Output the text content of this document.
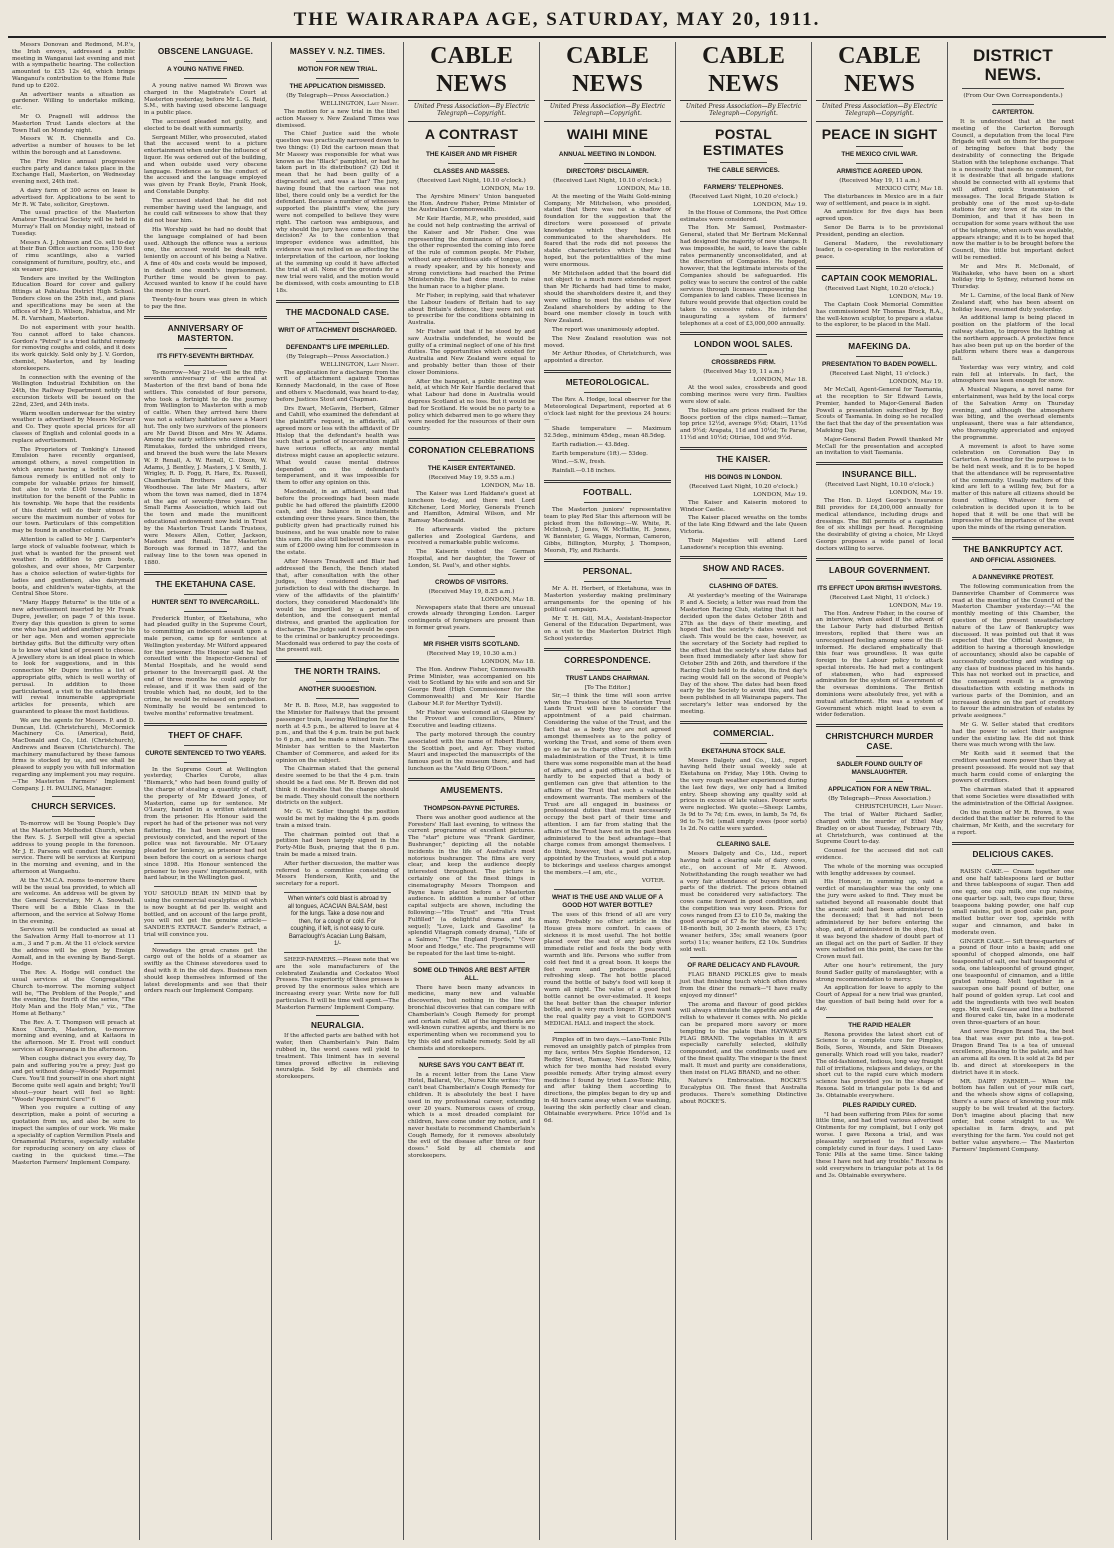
THE WAIRARAPA AGE, SATURDAY, MAY 20, 1911.

Messrs Donovan and Redmond, M.P.'s, the Irish envoys, addressed a public meeting in Wanganui last evening and met with a sympathetic hearing. The collection amounted to £35 12s 4d, which brings Wanganui's contribution to the Home Rule fund up to £202.

An advertiser wants a situation as gardener. Willing to undertake milking, etc.

Mr O. Pragnell will address the Masterton Trust Lands electors at the Town Hall on Monday night.

Messrs W. R. Chennells and Co. advertise a number of houses to be let within the borough and at Lansdowne.

The Fire Police annual progressive euchre party and dance takes place in the Exchange Hall, Masterton, on Wednesday evening next, 24th inst.

A dairy farm of 300 acres on lease is advertised for. Applications to be sent to Mr R. W. Tate, solicitor, Greytown.

The usual practice of the Masterton Amateur Theatrical Society will be held in Murray's Hall on Monday night, instead of Tuesday.

Messrs A. J. Johnson and Co. sell to-day at their Bun Office auction rooms, 150 feet of rimu scantlings, also a varied consignment of furniture, poultry, etc., and six weaner pigs.

Tenders are invited by the Wellington Education Board for cover and gallery fittings at Pahiatua District High School. Tenders close on the 25th inst., and plans and specifications may be seen at the offices of Mr J. D. Wilson, Pahiatua, and Mr M. R. Varnham, Masterton.

Do not experiment with your health. You cannot afford to take chances. Gordon's "Petrol" is a tried faithful remedy for removing coughs and colds, and it does its work quickly. Sold only by J. V. Gordon, chemist, Masterton, and by leading storekeepers.

In connection with the evening of the Wellington Industrial Exhibition on the 24th, the Railway Department notify that excursion tickets will be issued on the 22nd, 23rd, and 24th insts.

Warm woollen underwear for the wintry weather is advertised by Messrs McGruer and Co. They quote special prices for all classes of English and colonial goods in a replace advertisement.

The Proprietors of Tonking's Linseed Emulsion have recently organised, amongst others, a novel competition in which anyone having a bottle of their famous remedy is entitled not only to compete for valuable prizes for himself, but also to vote £100 towards some institution for the benefit of the Public in his township. We hope that the residents of this district will do their utmost to secure the maximum number of votes for our town. Particulars of this competition may be found in another column.

Attention is called to Mr J. Carpenter's large stock of valuable footwear, which is just what is wanted for the present wet weather. In addition to gum boots, goloshes, and over shoes, Mr Carpenter has a choice selection of water-tights for ladies and gentlemen, also dairymaid boots, and children's water-tights, at the Central Shoe Store.

"Many Happy Returns" is the title of a new advertisement inserted by Mr Frank Dupre, jeweller, on page 7 of this issue. Every day this question is given to some one who has just added another year to his or her age. Men and women appreciate birthday gifts. But the difficulty very often is to know what kind of present to choose. A jewellery store is an ideal place in which to look for suggestions, and in this connection Mr Dupre invites a list of appropriate gifts, which is well worthy of perusal. In addition to those particularised, a visit to the establishment will reveal innumerable appropriate articles for presents, which are guaranteed to please the most fastidious.

We are the agents for Messrs. P. and D. Duncan, Ltd. (Christchurch), McCormick Machinery Co. (America), Reid, MacDonald and Co., Ltd. (Christchurch), Andrews and Beaven (Christchurch). The machinery manufactured by these famous firms is stocked by us, and we shall be pleased to supply you with full information regarding any implement you may require.—The Masterton Farmers' Implement Company. J. H. PAULING, Manager.

CHURCH SERVICES.

To-morrow will be Young People's Day at the Masterton Methodist Church, when the Rev. S. J. Serpell will give a special address to young people in the forenoon. Mr J. E. Parsons will conduct the evening service. There will be services at Kuripuni in the morning and evening, and in the afternoon at Wangaehu.

At the Y.M.C.A. rooms to-morrow there will be the usual tea provided, to which all are welcome. An address will be given by the General Secretary, Mr A. Snowball. There will be a Bible Class in the afternoon, and the service at Solway Home in the evening.

Services will be conducted as usual at the Salvation Army Hall to-morrow at 11 a.m., 3 and 7 p.m. At the 11 o'clock service the address will be given by Ensign Aomall, and in the evening by Band-Sergt. Hodge.

The Rev. A. Hodge will conduct the usual services at the Congregational Church to-morrow. The morning subject will be, "The Problem of the People," and the evening, the fourth of the series, "The Holy Man and the Holy Man," viz., "The Home at Bethany."

The Rev. A. T. Thompson will preach at Knox Church, Masterton, to-morrow morning and evening, and at Kaitaora in the afternoon. Mr E. Frost will conduct services at Kopuaranga in the afternoon.

When coughs distract you every day, To pain and suffering you're a prey; Just go and get without delay—Woods' Peppermint Cure. You'll find yourself in one short night Become quite well again and bright; You'll shout—your heart will feel so light: "Woods' Peppermint Cure!" 6

When you require a cutting of any description, make a point of securing a quotation from us, and also be sure to inspect the samples of our work. We make a speciality of caption Vermilion Pixels and Ornamental Pictures, especially suitable for reproducing scenery on any class of casting in the quickest time.—The Masterton Farmers' Implement Company.

OBSCENE LANGUAGE.
A YOUNG NATIVE FINED.

A young native named Wi Brown was charged in the Magistrate's Court at Masterton yesterday, before Mr L. G. Reid, S.M., with having used obscene language in a public place.

The accused pleaded not guilty, and elected to be dealt with summarily.

Sergeant Miller, who prosecuted, stated that the accused went to a picture entertainment when under the influence of liquor. He was ordered out of the building, and when outside used very obscene language. Evidence as to the conduct of the accused and the language employed was given by Frank Boyle, Frank Hook, and Constable Dunphy.

The accused stated that he did not remember having used the language, and he could call witnesses to show that they did not hear him.

His Worship said he had no doubt that the language complained of had been used. Although the offence was a serious one, the accused would be dealt with leniently on account of his being a Native. A fine of 40s and costs would be imposed, in default one month's imprisonment. Further time would be given to pay. Accused wanted to know if he could have the money in the court.

Twenty-four hours was given in which to pay the fine.

ANNIVERSARY OF MASTERTON.
ITS FIFTY-SEVENTH BIRTHDAY.

To-morrow—May 21st—will be the fifty-seventh anniversary of the arrival at Masterton of the first band of bona fide settlers. This consisted of four persons, who took a fortnight to do the journey from Wellington to Masterton with a mob of cattle. When they arrived here there was not a solitary habitation save a Maori hut. The only two survivors of the pioneers are Mr David Dixon and Mrs W. Adams. Among the early settlers who climbed the Rimutakas, forded the unbridged rivers, and braved the bush were the late Messrs W. P. Renall, A. W. Renall, C. Dixon, W. Adams, J. Bentley, J. Masters, J. V. Smith, J. Wrigley, R. D. Fogg, R. Hare, Ex. Russell, Chamberlain Brothers and G. W. Woodhouse. The late Mr Masters, after whom the town was named, died in 1874 at the age of seventy-three years. The Small Farms Association, which laid out the town and made the munificent educational endowment now held in Trust by the Masterton Trust Lands Trustees, were Messrs Allen, Cotter, Jackson, Masters and Renall. The Masterton Borough was formed in 1877, and the railway line to the town was opened in 1880.

THE EKETAHUNA CASE.
HUNTER SENT TO INVERCARGILL.

Frederick Hunter, of Eketahuna, who had pleaded guilty in the Supreme Court, to committing an indecent assault upon a male person, came up for sentence at Wellington yesterday. Mr Wilford appeared for the prisoner. His Honour said he had consulted with the Inspector-General of Mental Hospitals, and he would send prisoner to the Invercargill gaol. At the end of three months he could apply for release, and if it was then said of the trouble which had, no doubt, led to the crime, he would be released on probation. Nominally he would be sentenced to twelve months' reformative treatment.

THEFT OF CHAFF.
CUROTE SENTENCED TO TWO YEARS.

In the Supreme Court at Wellington yesterday, Charles Curote, alias "Bismarck," who had been found guilty of the charge of stealing a quantity of chaff, the property of Mr Edward Jones, of Masterton, came up for sentence. Mr O'Leary, handed in a written statement from the prisoner. His Honour said the report he had of the prisoner was not very flattering. He had been several times previously convicted, and the report of the police was not favourable. Mr O'Leary pleaded for leniency, as prisoner had not been before the court on a serious charge since 1898. His Honour sentenced the prisoner to two years' imprisonment, with hard labour, in the Wellington gaol.

YOU SHOULD BEAR IN MIND that by using the commercial eucalyptus oil which is now bought at 6d per lb. weight and bottled, and on account of the large profit, you will not get the genuine article—SANDER'S EXTRACT. Sander's Extract, a trial will convince you.

Nowadays the great cranes get the cargo out of the holds of a steamer as swiftly as the Chinese stevedores used to deal with it in the old days. Business men should keep themselves informed of the latest developments and see that their orders reach our Implement Company.

MASSEY V. N.Z. TIMES.
MOTION FOR NEW TRIAL.
THE APPLICATION DISMISSED.
(By Telegraph—Press Association.)
WELLINGTON, Last Night.

The motion for a new trial in the libel action Massey v. New Zealand Times was dismissed.

The Chief Justice said the whole question was practically narrowed down to two things: (1) Did the cartoon mean that Mr Massey was responsible for what was known as the "Black" pamphlet, or had he taken part in its distribution? (2) Did it mean that he had been guilty of a disgraceful act, and was a liar? The jury, having found that the cartoon was not libel, there could only be a verdict for the defendant. Because a number of witnesses supported the plaintiff's view, the jury were not compelled to believe they were right. The cartoon was ambiguous, and why should the jury have come to a wrong decision? As to the contention that improper evidence was admitted, his evidence was not relied on as affecting the interpretation of the cartoon, nor looking at the summing up could it have affected the trial at all. None of the grounds for a new trial were valid, and the motion would be dismissed, with costs amounting to £18 18s.

THE MACDONALD CASE.
WRIT OF ATTACHMENT DISCHARGED.
DEFENDANT'S LIFE IMPERILLED.
(By Telegraph—Press Association.)
WELLINGTON, Last Night.

The application for a discharge from the writ of attachment against Thomas Kennedy Macdonald, in the case of Rose and others v. Macdonald, was heard to-day, before Justices Stout and Chapman.

Drs Ewart, McGavin, Herbert, Gilmer and Cahill, who examined the defendant at the plaintiff's request, in affidavits, all agreed more or less with the affidavit of Dr Hislop that the defendant's health was such that a period of incarceration might have serious effects, as any mental distress might cause an apoplectic seizure. What would cause mental distress depended on the defendant's temperament, and it was impossible for them to offer any opinion on this.

Macdonald, in an affidavit, said that before the proceedings had been made public he had offered the plaintiffs £2000 cash, and the balance in instalments extending over three years. Since then, the publicity given had practically ruined his business, and he was unable now to raise this sum. He also still believed there was a sum of £2000 owing him for commission in the estate.

After Messrs Treadwell and Blair had addressed the Bench, the Bench stated that, after consultation with the other judges, they considered they had jurisdiction to deal with the discharge. In view of the affidavits of the plaintiffs' doctors, they considered Macdonald's life would be imperilled by a period of detention, and the consequent mental distress, and granted the application for discharge. The judge said it would be open to the criminal or bankruptcy proceedings. Macdonald was ordered to pay the costs of the present suit.

THE NORTH TRAINS.
ANOTHER SUGGESTION.

Mr R. B. Ross, M.P., has suggested to the Minister for Railways that the present passenger train, leaving Wellington for the north at 4.5 p.m., be altered to leave at 4 p.m., and that the 4 p.m. train be put back to 6 p.m., and be made a mixed train. The Minister has written to the Masterton Chamber of Commerce, and asked for its opinion on the subject.

The Chairman stated that the general desire seemed to be that the 4 p.m. train should be a fast one. Mr R. Brown did not think it desirable that the change should be made. They should consult the northern districts on the subject.

Mr G. W. Seller thought the position would be met by making the 4 p.m. goods train a mixed train.

The chairman pointed out that a petition had been largely signed in the Forty-Mile Bush, praying that the 6 p.m. train be made a mixed train.

After further discussion, the matter was referred to a committee consisting of Messrs Henderson, Keith, and the secretary for a report.

When winter's cold blast is abroad try all tongues, ACACIAN BALSAM, best for the lungs. Take a dose now and then, for a cough or cold. For coughing, if left, is not easy to cure. Barraclough's Acacian Lung Balsam, 1/-

SHEEP-FARMERS.—Please note that we are the sole manufacturers of the celebrated Zealandia and Cockatoo Wool Presses. The superiority of these presses is proved by the enormous sales which are increasing every year. Write now for full particulars. It will be time well spent.—The Masterton Farmers' Implement Company.

NEURALGIA.

If the affected parts are bathed with hot water, then Chamberlain's Pain Balm rubbed in, the worst cases will yield to treatment. This liniment has in several times proved effective in relieving neuralgia. Sold by all chemists and storekeepers.

CABLE NEWS
United Press Association—By Electric Telegraph—Copyright.
A CONTRAST
THE KAISER AND MR FISHER
CLASSES AND MASSES.
(Received Last Night, 10.10 o'clock.)
LONDON, May 19.

The Ayrshire Miners' Union banqueted the Hon. Andrew Fisher, Prime Minister of the Australian Commonwealth.

Mr Keir Hardie, M.P., who presided, said he could not help contrasting the arrival of the Kaiser and Mr Fisher. One was representing the dominance of class, and the other represented the coming into force of the rule of common people. Mr Fisher, without any adventitious aids of tongue, was a ready speaker, and by his honesty and strong convictions had reached the Prime Ministership. He had done much to raise the human race to a higher plane.

Mr Fisher, in replying, said that whatever the Labour leaders of Britain had to say about Britain's defence, they were not out to prescribe for the conditions obtaining in Australia.

Mr Fisher said that if he stood by and saw Australia undefended, he would be guilty of a criminal neglect of one of his first duties. The opportunities which existed for Australia and New Zealand were equal to and probably better than those of their closer Dominions.

After the banquet, a public meeting was held, at which Mr Keir Hardie declared that what Labour had done in Australia would depress Scotland at no loss. But it would be bad for Scotland. He would be no party to a policy which debarred men to go where they were needed for the resources of their own country.

CORONATION CELEBRATIONS
THE KAISER ENTERTAINED.
(Received May 19, 9.55 a.m.)
LONDON, May 18.

The Kaiser was Lord Haldane's guest at luncheon to-day, and there met Lord Kitchener, Lord Morley, Generals French and Hamilton, Admiral Wilson, and Mr Ramsay Macdonald.

He afterwards visited the picture galleries and Zoological Gardens, and received a remarkable public welcome.

The Kaiserin visited the German Hospital, and her daughter, the Tower of London, St. Paul's, and other sights.

CROWDS OF VISITORS.
(Received May 19, 8.25 a.m.)
LONDON, May 18.

Newspapers state that there are unusual crowds already thronging London. Larger contingents of foreigners are present than in former great years.

MR FISHER VISITS SCOTLAND.
(Received May 19, 10.30 a.m.)
LONDON, May 18.

The Hon. Andrew Fisher, Commonwealth Prime Minister, was accompanied on his visit to Scotland by his wife and son and Sir George Reid (High Commissioner for the Commonwealth) and Mr Keir Hardie (Labour M.P. for Merthyr Tydvil).

Mr Fisher was welcomed at Glasgow by the Provost and councillors, Miners' Executive and leading citizens.

The party motored through the country associated with the name of Robert Burns, the Scottish poet, and Ayr. They visited Mauri and inspected the manuscripts of the famous poet in the museum there, and had luncheon as the "Auld Brig O'Doon."

AMUSEMENTS.
THOMPSON-PAYNE PICTURES.

There was another good audience at the Foresters' Hall last evening, to witness the current programme of excellent pictures. The "star" picture was "Frank Gardiner, Bushranger," depicting all the notable incidents in the life of Australia's most notorious bushranger. The films are very clear, and keep the audience deeply interested throughout. The picture is certainly one of the finest things in cinematography Messrs Thompson and Payne have placed before a Masterton audience. In addition a number of other capital subjects are shown, including the following:—"His Trust" and "His Trust Fulfilled" (a delightful drama and its sequel); "Love, Luck and Gasoline" (a splendid Vitagraph comedy drama), "Life of a Salmon," "The England Fjords," "Over Moor and Hedge," etc. The programme will be repeated for the last time to-night.

SOME OLD THINGS ARE BEST AFTER ALL.

There have been many advances in medicine, many new and valuable discoveries, but nothing in the line of bronchial discoveries that can compare with Chamberlain's Cough Remedy for prompt and certain relief. All of the ingredients are well-known curative agents, and there is no experimenting when we recommend you to try this old and reliable remedy. Sold by all chemists and storekeepers.

NURSE SAYS YOU CAN'T BEAT IT.

In a recent letter from the Lane View Hotel, Ballarat, Vic., Nurse Kite writes: "You can't beat Chamberlain's Cough Remedy for children. It is absolutely the best I have used in my professional career, extending over 20 years. Numerous cases of croup, which is a most dreaded complaint for children, have come under my notice, and I never hesitate to recommend Chamberlain's Cough Remedy, for it removes absolutely the evil of the disease after three or four doses." Sold by all chemists and storekeepers.

CABLE NEWS
United Press Association—By Electric Telegraph—Copyright.
WAIHI MINE
ANNUAL MEETING IN LONDON.
DIRECTORS' DISCLAIMER.
(Received Last Night, 10.10 o'clock.)
LONDON, May 18.

At the meeting of the Waihi Gold-mining Company, Mr Mitchelson, who presided, stated that there was not a shadow of foundation for the suggestion that the directors were possessed of private knowledge which they had not communicated to the shareholders. He feared that the rods did not possess the stable characteristics which they had hoped, but the potentialities of the mine were enormous.

Mr Mitchelson added that the board did not object to a much more extended report than Mr Richards had had time to make, should the shareholders desire it, and they were willing to meet the wishes of New Zealand shareholders by adding to the board one member closely in touch with New Zealand.

The report was unanimously adopted.

The New Zealand resolution was not moved.

Mr Arthur Rhodes, of Christchurch, was appointed a director.

METEOROLOGICAL.

The Rev. A. Hodge, local observer for the Meteorological Department, reported at 6 o'clock last night for the previous 24 hours:—

Shade temperature — Maximum 52.5deg., minimum 45deg., mean 48.5deg.

Earth radiation.— 43.8deg.

Earth temperature (1ft).— 53deg.

Wind.—S.W., fresh.

Rainfall.—0.18 inches.

FOOTBALL.

The Masterton juniors' representative team to play Red Star this afternoon will be picked from the following:—W. White, R. McIntosh, J. Jones, W. McHattie, H. Jones, W. Bannister, G. Waggs, Norman, Cameron, Gibbs, Billington, Murphy, J. Thompson, Meorsh, Fly, and Richards.

PERSONAL.

Mr A. H. Herbert, of Eketahuna, was in Masterton yesterday making preliminary arrangements for the opening of his political campaign.

Mr T. H. Gill, M.A., Assistant-Inspector General of the Education Department, was on a visit to the Masterton District High School yesterday.

CORRESPONDENCE.
TRUST LANDS CHAIRMAN.
[To The Editor.]

Sir,—I think the time will soon arrive when the Trustees of the Masterton Trust Lands Trust will have to consider the appointment of a paid chairman. Considering the value of the Trust, and the fact that as a body they are not agreed amongst themselves as to the policy of working the Trust, and some of them even go so far as to charge other members with maladministration of the Trust, it is time there was some responsible man at the head of affairs, and a paid official at that. It is hardly to be expected that a body of gentlemen can give that attention to the affairs of the Trust that such a valuable endowment warrants. The members of the Trust are all engaged in business or professional duties that must necessarily occupy the best part of their time and attention. I am far from stating that the affairs of the Trust have not in the past been administered to the best advantage—that charge comes from amongst themselves. I do think, however, that a paid chairman, appointed by the Trustees, would put a stop to bickerings and useless charges amongst the members.—I am, etc.,

VOTER.
WHAT IS THE USE AND VALUE OF A GOOD HOT WATER BOTTLE?

The uses of this friend of all are very many. Probably no other article in the House gives more comfort. In cases of sickness it is most useful. The hot bottle placed over the seat of any pain gives immediate relief and feels the body with warmth and life. Persons who suffer from cold feet find it a great boon. It keeps the feet warm and produces peaceful, refreshing sleep. The hot bottle placed round the bottle of baby's food will keep it warm all night. The value of a good hot bottle cannot be over-estimated. It keeps the heat better than the cheaper inferior bottle, and is very much longer. If you want the real quality pay a visit to GORDON'S MEDICAL HALL and inspect the stock.

Pimples off in two days.—Laxo-Tonic Pills removed an unsightly patch of pimples from my face, writes Mrs Sophie Henderson, 12 Redby Street, Ramsay, New South Wales, which for two months had resisted every possible remedy. After trying almost every medicine I found by tried Laxo-Tonic Pills, and after taking them according to directions, the pimples began to dry up and in 48 hours came away when I was washing, leaving the skin perfectly clear and clean. Obtainable everywhere. Price 10½d and 1s 6d.

CABLE NEWS
United Press Association—By Electric Telegraph—Copyright.
POSTAL ESTIMATES
THE CABLE SERVICES.
FARMERS' TELEPHONES.
(Received Last Night, 10.20 o'clock.)
LONDON, May 19.

In the House of Commons, the Post Office estimates were considered.

The Hon. Mr Samuel, Postmaster-General, stated that Mr Bertram McKennal had designed the majority of new stamps. It was impossible, he said, to leave the cable rates permanently unconsolidated, and at the discretion of Companies. He hoped, however, that the legitimate interests of the Companies should be safeguarded. His policy was to secure the control of the cable services through licenses empowering the Companies to land cables. These licenses in future would provide that objection could be taken to excessive rates. He intended inaugurating a system of farmers' telephones at a cost of £3,000,000 annually.

LONDON WOOL SALES.
CROSSBREDS FIRM.
(Received May 19, 11 a.m.)
LONDON, May 18.

At the wool sales, crossbreds and good combing merinos were very firm. Faulties were slow of sale.

The following are prices realised for the Boocs portion of the clips named:—Tamar, top price 12½d, average 9½d; Otairi, 11½d and 9½d; Arapata, 11d and 10½d; Te Parae, 11½d and 10½d; Otiriae, 10d and 9½d.

THE KAISER.
HIS DOINGS IN LONDON.
(Received Last Night, 10.20 o'clock.)
LONDON, May 19.

The Kaiser and Kaiserin motored to Windsor Castle.

The Kaiser placed wreaths on the tombs of the late King Edward and the late Queen Victoria.

Their Majesties will attend Lord Lansdowne's reception this evening.

SHOW AND RACES.
CLASHING OF DATES.

At yesterday's meeting of the Wairarapa P. and A. Society, a letter was read from the Masterton Racing Club, stating that it had decided upon the dates October 26th and 27th as the days of their meeting, and hoped that the society's dates would not clash. This would be the case, however, as the secretary of the Society had replied to the effect that the society's show dates had been fixed immediately after last show for October 25th and 26th, and therefore if the Racing Club held to its dates, its first day's racing would fall on the second of People's Day of the show. The dates had been fixed early by the Society to avoid this, and had been published in all Wairarapa papers. The secretary's letter was endorsed by the meeting.

COMMERCIAL.
EKETAHUNA STOCK SALE.

Messrs Dalgety and Co., Ltd., report having held their usual weekly sale at Eketahuna on Friday, May 19th. Owing to the very rough weather experienced during the last few days, we only had a limited entry. Sheep showing any quality sold at prices in excess of late values. Poorer sorts were neglected. We quote:—Sheep: Lambs, 3s 9d to 7s 7d; f.m. ewes, in lamb, 5s 7d, 6s 9d to 7s 9d; (small empty ewes (poor sorts) 1s 2d. No cattle were yarded.

CLEARING SALE.

Messrs Dalgety and Co., Ltd., report having held a clearing sale of dairy cows, etc., on account of Mr E. Atwood. Notwithstanding the rough weather we had a very fair attendance of buyers from all parts of the district. The prices obtained must be considered very satisfactory. The cows came forward in good condition, and the competition was very keen. Prices for cows ranged from £3 to £10 5s, making the good average of £7 8s for the whole herd; 18-month bull, 30 2-month steers, £3 17s; weaner heifers, 35s; small weaners (poor sorts) 11s; weaner heifers, £2 10s. Sundries sold well.

OF RARE DELICACY AND FLAVOUR.

FLAG BRAND PICKLES give to meals just that finishing touch which often draws from the diner the remark—"I have really enjoyed my dinner!"

The aroma and flavour of good pickles will always stimulate the appetite and add a relish to whatever it comes with. No pickle can be prepared more savory or more tempting to the palate than HAYWARD'S FLAG BRAND. The vegetables in it are especially carefully selected, skilfully compounded, and the condiments used are of the finest quality. The vinegar is the finest malt. It must and purity are considerations, then insist on FLAG BRAND, and no other.

Nature's Embrocation. ROCKE'S Eucalyptus Oil. The finest that Australia produces. There's something Distinctive about ROCKE'S.

CABLE NEWS
United Press Association—By Electric Telegraph—Copyright.
PEACE IN SIGHT
THE MEXICO CIVIL WAR.
ARMISTICE AGREED UPON.
(Received May 19, 11 a.m.)
MEXICO CITY, May 18.

The disturbances in Mexico are in a fair way of settlement, and peace is in sight.

An armistice for five days has been agreed upon.

Senor De Barra is to be provisional President, pending an election.

General Madero, the revolutionary leader, is co-operating in the restoration of peace.

CAPTAIN COOK MEMORIAL.
(Received Last Night, 10.20 o'clock.)
LONDON, May 19.

The Captain Cook Memorial Committee has commissioned Mr Thomas Brock, R.A., the well-known sculptor, to prepare a statue to the explorer, to be placed in the Mall.

MAFEKING DA.
PRESENTATION TO BADEN POWELL.
(Received Last Night, 11 o'clock.)
LONDON, May 19.

Mr McCall, Agent-General for Tasmania, at the reception to Sir Edward Lewis, Premier, handed to Major-General Baden Powell a presentation subscribed by Boy Scouts of Tasmania. In doing so he recalled the fact that the day of the presentation was Mafeking Day.

Major-General Baden Powell thanked Mr McCall for the presentation and accepted an invitation to visit Tasmania.

INSURANCE BILL.
(Received Last Night, 10.10 o'clock.)
LONDON, May 19.

The Hon. D. Lloyd George's Insurance Bill provides for £4,200,000 annually for medical attendance, including drugs and dressings. The Bill permits of a capitation fee of six shillings per head. Recognising the desirability of giving a choice, Mr Lloyd George proposes a wide panel of local doctors willing to serve.

LABOUR GOVERNMENT.
ITS EFFECT UPON BRITISH INVESTORS.
(Received Last Night, 11 o'clock.)
LONDON, May 19.

The Hon. Andrew Fisher, in the course of an interview, when asked if the advent of the Labour Party had disturbed British investors, replied that there was an unrecognised feeling among some of the ill-informed. He declared emphatically that this fear was groundless. It was quite foreign to the Labour policy to attack special interests. He had met a contingent of statesmen, who had expressed admiration for the system of Government of the overseas dominions. The British dominions were absolutely free, yet with a mutual attachment. His was a system of Government which might lead to even a wider federation.

CHRISTCHURCH MURDER CASE.
SADLER FOUND GUILTY OF MANSLAUGHTER.
APPLICATION FOR A NEW TRIAL.
(By Telegraph—Press Association.)
CHRISTCHURCH, Last Night.

The trial of Walter Richard Sadler, charged with the murder of Ethel May Bradley on or about Tuesday, February 7th, at Christchurch, was continued at the Supreme Court to-day.

Counsel for the accused did not call evidence.

The whole of the morning was occupied with lengthy addresses by counsel.

His Honour, in summing up, said a verdict of manslaughter was the only one the jury were asked to find. They must be satisfied beyond all reasonable doubt that the arsenic sold had been administered to the deceased; that it had not been administered by her before entering the shop, and, if administered in the shop, that it was beyond the shadow of doubt part of an illegal act on the part of Sadler. If they were satisfied on this point, the case for the Crown must fail.

After one hour's retirement, the jury found Sadler guilty of manslaughter, with a strong recommendation to mercy.

An application for leave to apply to the Court of Appeal for a new trial was granted, the question of bail being held over for a day.

THE RAPID HEALER

Rexona provides the latest short cut of Science to a complete cure for Pimples, Boils, Sores, Wounds, and Skin Diseases generally. Which road will you take, reader? The old-fashioned, tedious, long way fraught full of irritations, relapses and delays, or the short cut to the rapid cure which modern science has provided you in the shape of Rexona. Sold in triangular pots 1s 6d and 3s. Obtainable everywhere.

PILES RAPIDLY CURED.

"I had been suffering from Piles for some little time, and had tried various advertised Ointments for my complaint, but I only got worse. I gave Rexona a trial, and was pleasantly surprised to find I was completely cured in four days. I used Laxo-Tonic Pills at the same time. Since taking these I have not had any trouble." Rexona is sold everywhere in triangular pots at 1s 6d and 3s. Obtainable everywhere.

DISTRICT NEWS.
(From Our Own Correspondents.)
CARTERTON.

It is understood that at the next meeting of the Carterton Borough Council, a deputation from the local Fire Brigade will wait on them for the purpose of bringing before that body the desirability of connecting the Brigade Station with the telephone exchange. That is a necessity that needs no comment, for it is desirable that all brigade stations should be connected with all systems that will afford quick transmission of messages. The local Brigade Station is probably one of the most up-to-date stations for any town of its size in the Dominion, and that it has been in occupation for some years without the use of the telephone, when such was available, appears strange; and it is to be hoped that now the matter is to be brought before the Council, this little but important defect will be remedied.

Mr and Mrs R. McDonald, of Waihakeke, who have been on a short holiday trip to Sydney, returned home on Thursday.

Mr L. Carnine, of the local Bank of New Zealand staff, who has been absent on holiday leave, resumed duty yesterday.

An additional lamp is being placed in position on the platform of the local railway station, to improve the lighting at the northern approach. A protective fence has also been put up on the border of the platform where there was a dangerous fall.

Yesterday was very wintry, and cold rain fell at intervals. In fact, the atmosphere was keen enough for snow.

A Musical Niagara, a novel name for entertainment, was held by the local corps of the Salvation Army on Thursday evening, and although the atmosphere was biting, and the overhead elements unpleasant, there was a fair attendance, who thoroughly appreciated and enjoyed the programme.

A movement is afoot to have some celebration on Coronation Day in Carterton. A meeting for the purpose is to be held next week, and it is to be hoped that the attendance will be representative of the community. Usually matters of this kind are left to a willing few, but for a matter of this nature all citizens should be found willing. Whatever form of celebration is decided upon it is to be hoped that it will be one that will be impressive of the importance of the event upon the minds of the rising generation.

THE BANKRUPTCY ACT.
AND OFFICIAL ASSIGNEES.
A DANNEVIRKE PROTEST.

The following communication from the Dannevirke Chamber of Commerce was read at the meeting of the Council of the Masterton Chamber yesterday:—"At the monthly meeting of this Chamber, the question of the present unsatisfactory nature of the Law of Bankruptcy was discussed. It was pointed out that it was expected that the Official Assignee, in addition to having a thorough knowledge of accountancy, should also be capable of successfully conducting and winding up any class of business placed in his hands. This has not worked out in practice, and the consequent result is a growing dissatisfaction with existing methods in various parts of the Dominion, and an increased desire on the part of creditors to favour the administration of estates by private assignees."

Mr G. W. Seller stated that creditors had the power to select their assignee under the existing law. He did not think there was much wrong with the law.

Mr Keith said it seemed that the creditors wanted more power than they at present possessed. He would not say that much harm could come of enlarging the powers of creditors.

The chairman stated that it appeared that some Societies were dissatisfied with the administration of the Official Assignee.

On the motion of Mr R. Brown, it was decided that the matter be referred to the chairman, Mr Keith, and the secretary for a report.

DELICIOUS CAKES.

RAISIN CAKE.— Cream together one and one half tablespoons lard or butter and three tablespoons of sugar. Then add one egg, one cup milk, one cup raisins, one quarter tsp. salt, two cups flour, three teaspoons baking powder, one half cup small raisins, put in good cake pan, pour melted butter over top, sprinkle with sugar and cinnamon, and bake in moderate oven.

GINGER CAKE.— Sift three-quarters of a pound of flour into a basin; add one spoonful of chopped almonds, one half teaspoonful of salt, one half teaspoonful of soda, one tablespoonful of ground ginger, one teaspoonful of cinnamon, and a little grated nutmeg. Melt together in a saucepan one half pound of butter, one half pound of golden syrup. Let cool and add the ingredients with two well beaten eggs. Mix well. Grease and line a buttered and floured cake tin, bake in a moderate oven three-quarters of an hour.

And serve Dragon Brand Tea, the best tea that was ever put into a tea-pot. Dragon Brand Tea is a tea of unusual excellence, pleasing to the palate, and has an aroma all its own. It is sold at 2s 8d per lb. and direct at storekeepers in the district have it in stock.

MR. DAIRY FARMER.— When the bottom has fallen out of your milk cart, and the wheels show signs of collapsing, there's a sure place of knowing your milk supply to be well treated at the factory. Don't imagine about placing that new order, but come straight to us. We specialise in farm drays, and put everything for the farm. You could not get better value anywhere.— The Masterton Farmers' Implement Company.
